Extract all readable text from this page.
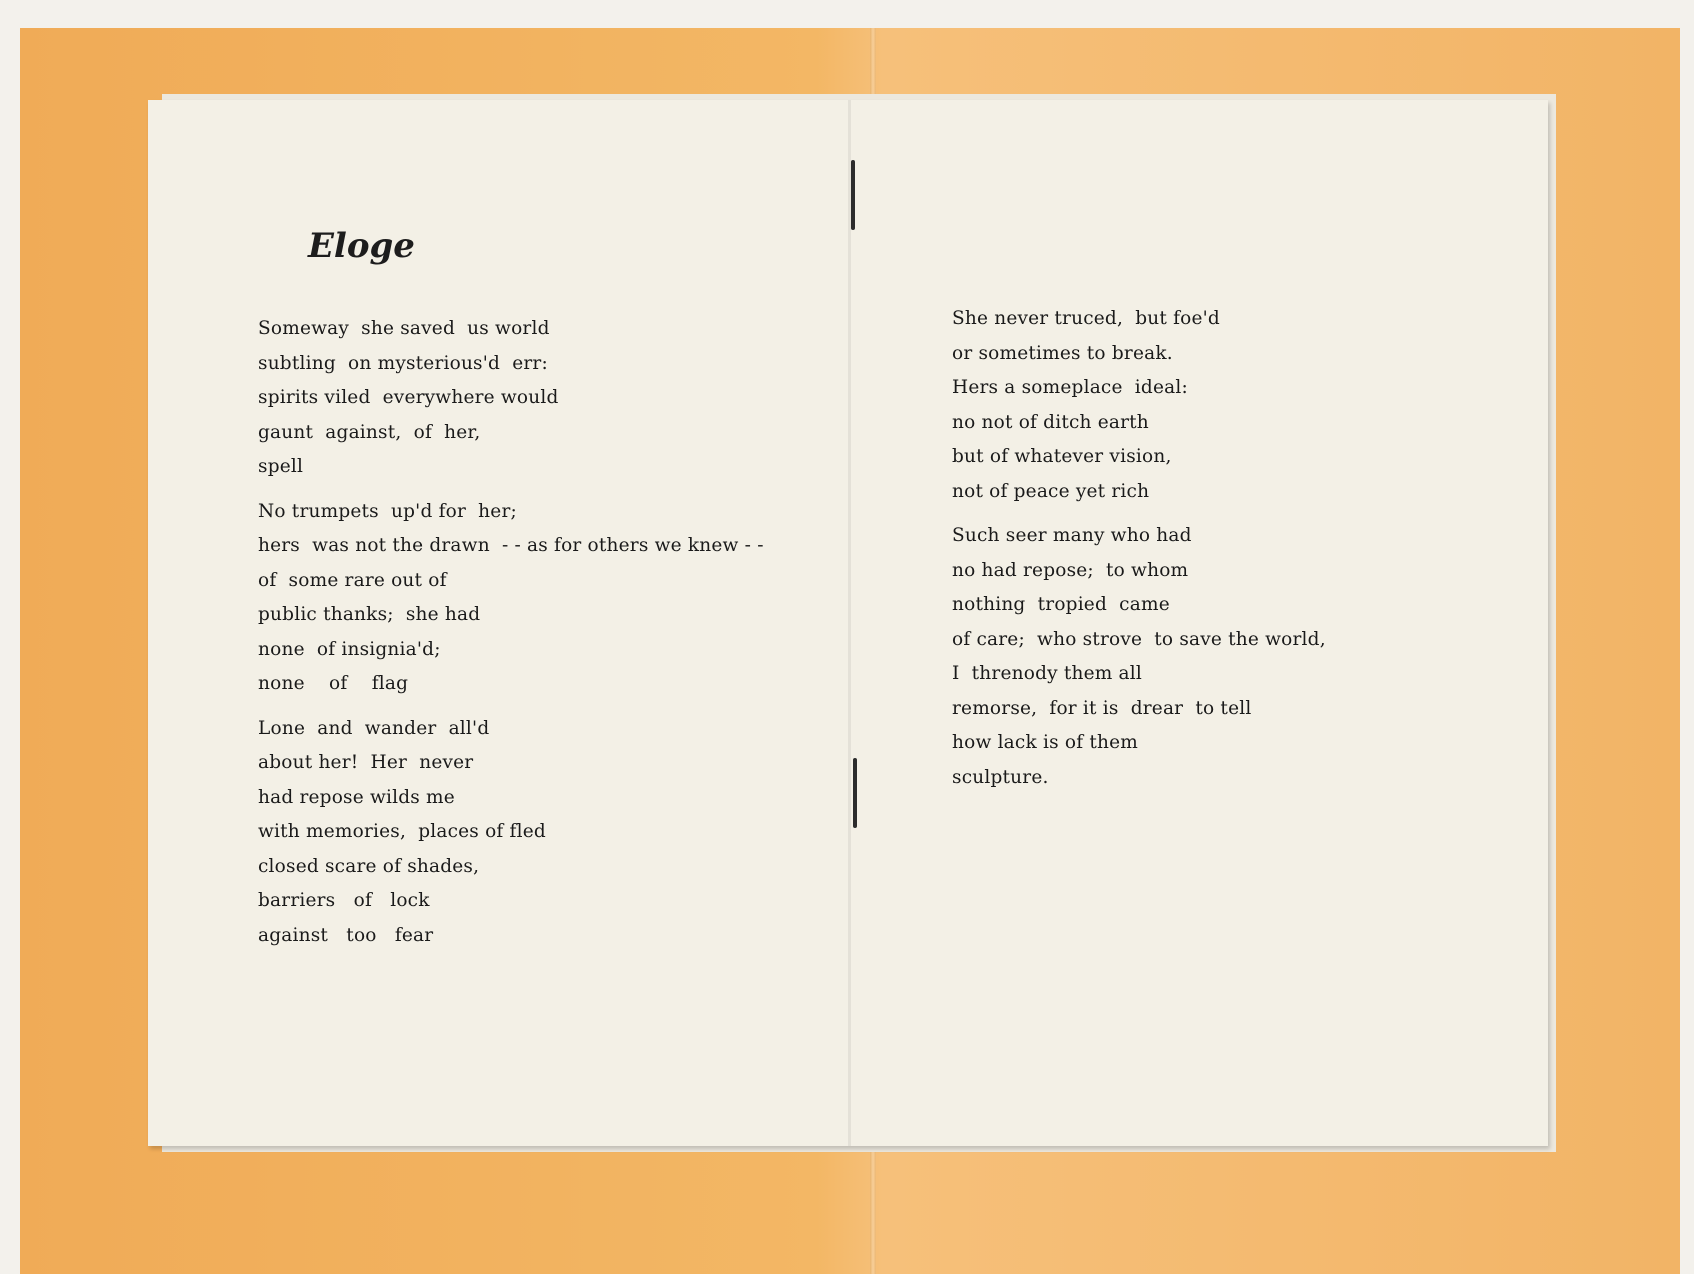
Eloge
Someway  she saved  us world
subtling  on mysterious'd  err:
spirits viled  everywhere would
gaunt  against,  of  her,
spell
No trumpets  up'd for  her;
hers  was not the drawn  - - as for others we knew - -
of  some rare out of
public thanks;  she had
none  of insignia'd;
none    of    flag
Lone  and  wander  all'd
about her!  Her  never
had repose wilds me
with memories,  places of fled
closed scare of shades,
barriers   of   lock
against   too   fear
She never truced,  but foe'd
or sometimes to break.
Hers a someplace  ideal:
no not of ditch earth
but of whatever vision,
not of peace yet rich
Such seer many who had
no had repose;  to whom
nothing  tropied  came
of care;  who strove  to save the world,
I  threnody them all
remorse,  for it is  drear  to tell
how lack is of them
sculpture.
